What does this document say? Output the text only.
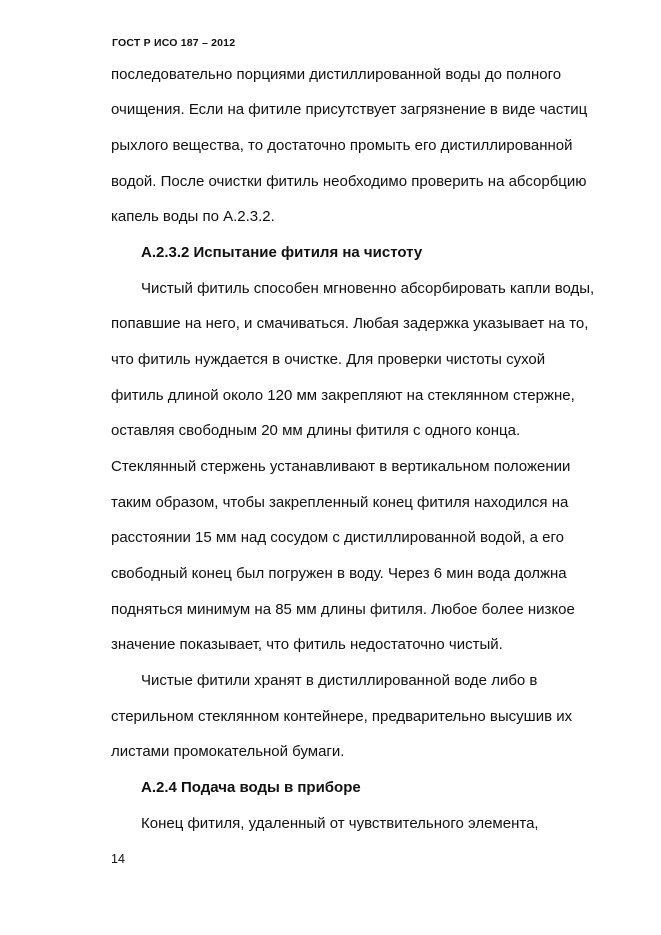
ГОСТ Р ИСО 187 – 2012
последовательно порциями дистиллированной воды до полного
очищения. Если на фитиле присутствует загрязнение в виде частиц
рыхлого вещества, то достаточно промыть его дистиллированной
водой. После очистки фитиль необходимо проверить на абсорбцию
капель воды по А.2.3.2.
А.2.3.2 Испытание фитиля на чистоту
Чистый фитиль способен мгновенно абсорбировать капли воды,
попавшие на него, и смачиваться. Любая задержка указывает на то,
что фитиль нуждается в очистке. Для проверки чистоты сухой
фитиль длиной около 120 мм закрепляют на стеклянном стержне,
оставляя свободным 20 мм длины фитиля с одного конца.
Стеклянный стержень устанавливают в вертикальном положении
таким образом, чтобы закрепленный конец фитиля находился на
расстоянии 15 мм над сосудом с дистиллированной водой, а его
свободный конец был погружен в воду. Через 6 мин вода должна
подняться минимум на 85 мм длины фитиля. Любое более низкое
значение показывает, что фитиль недостаточно чистый.
Чистые фитили хранят в дистиллированной воде либо в
стерильном стеклянном контейнере, предварительно высушив их
листами промокательной бумаги.
А.2.4 Подача воды в приборе
Конец фитиля, удаленный от чувствительного элемента,
14
